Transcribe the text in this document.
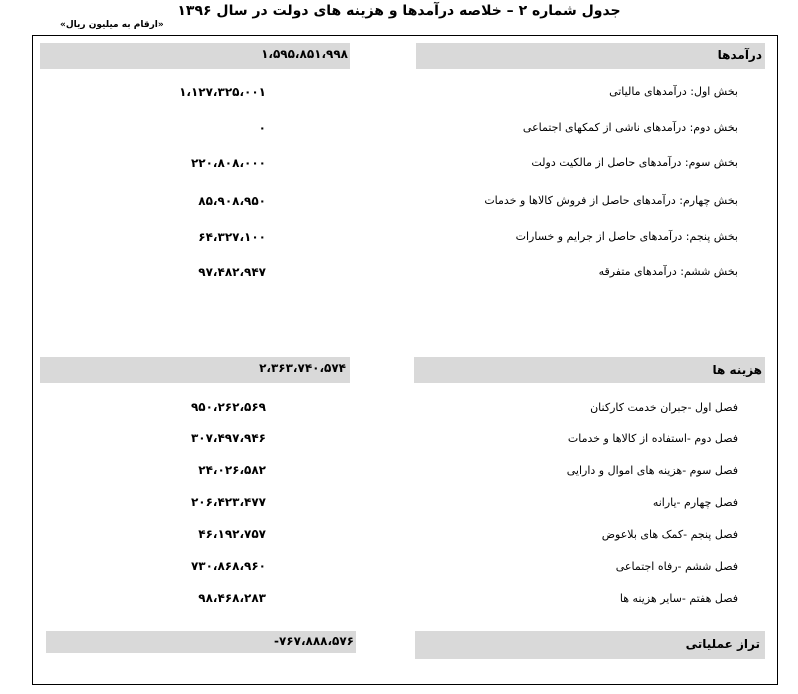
جدول شماره ۲ – خلاصه درآمدها و هزینه های دولت در سال ۱۳۹۶
«ارقام به میلیون ریال»
درآمدها
۱،۵۹۵،۸۵۱،۹۹۸
بخش اول: درآمدهای مالیاتی
۱،۱۲۷،۳۲۵،۰۰۱
بخش دوم: درآمدهای ناشی از کمکهای اجتماعی
۰
بخش سوم: درآمدهای حاصل از مالکیت دولت
۲۲۰،۸۰۸،۰۰۰
بخش چهارم: درآمدهای حاصل از فروش کالاها و خدمات
۸۵،۹۰۸،۹۵۰
بخش پنجم: درآمدهای حاصل از جرایم و خسارات
۶۴،۳۲۷،۱۰۰
بخش ششم: درآمدهای متفرقه
۹۷،۴۸۲،۹۴۷
هزینه ها
۲،۳۶۳،۷۴۰،۵۷۴
فصل اول -جبران خدمت کارکنان
۹۵۰،۲۶۲،۵۶۹
فصل دوم -استفاده از کالاها و خدمات
۳۰۷،۴۹۷،۹۴۶
فصل سوم -هزینه های اموال و دارایی
۲۴،۰۲۶،۵۸۲
فصل چهارم -یارانه
۲۰۶،۴۲۳،۴۷۷
فصل پنجم -کمک های بلاعوض
۴۶،۱۹۲،۷۵۷
فصل ششم -رفاه اجتماعی
۷۳۰،۸۶۸،۹۶۰
فصل هفتم -سایر هزینه ها
۹۸،۴۶۸،۲۸۳
تراز عملیاتی
-۷۶۷،۸۸۸،۵۷۶
